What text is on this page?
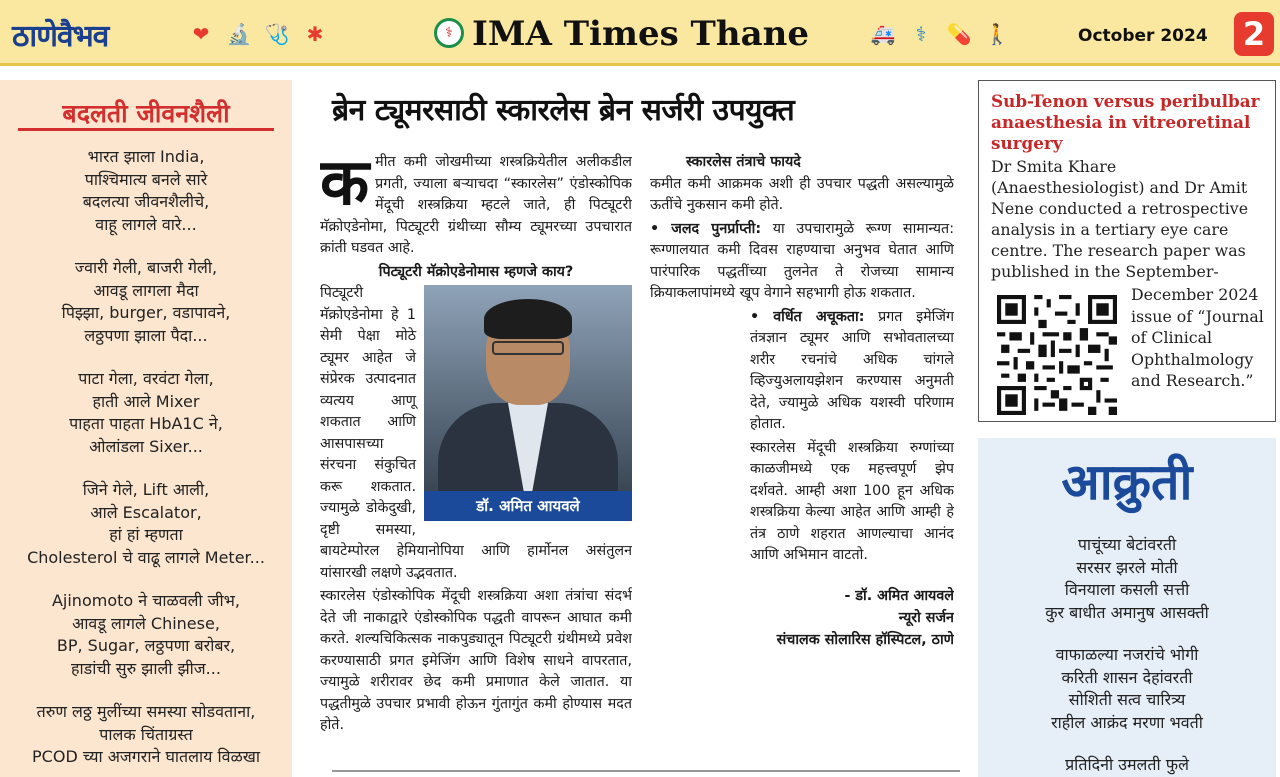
ठाणेवैभव	❤ 🔬 🩺 ✱	⚕ IMA Times Thane	🚑	⚕	💊 🚶	October 2024 2
बदलती जीवनशैली
भारत झाला India,
पाश्चिमात्य बनले सारे
बदलत्या जीवनशैलीचे,
वाहू लागले वारे...
ज्वारी गेली, बाजरी गेली,
आवडू लागला मैदा
पिझ्झा, burger, वडापावने,
लठ्ठपणा झाला पैदा...
पाटा गेला, वरवंटा गेला,
हाती आले Mixer
पाहता पाहता HbA1C ने,
ओलांडला Sixer...
जिने गेले, Lift आली,
आले Escalator,
हां हां म्हणता
Cholesterol चे वाढू लागले Meter...
Ajinomoto ने चाळवली जीभ,
आवडू लागले Chinese,
BP, Sugar, लठ्ठपणा बरोबर,
हाडांची सुरु झाली झीज...
तरुण लठ्ठ मुलींच्या समस्या सोडवताना,
पालक चिंताग्रस्त
PCOD च्या अजगराने घातलाय विळखा
ब्रेन ट्यूमरसाठी स्कारलेस ब्रेन सर्जरी उपयुक्त
क मीत कमी जोखमीच्या शस्त्रक्रियेतील अलीकडील प्रगती, ज्याला बऱ्याचदा “स्कारलेस” एंडोस्कोपिक मेंदूची शस्त्रक्रिया म्हटले जाते, ही पिट्यूटरी मॅक्रोएडेनोमा, पिट्यूटरी ग्रंथीच्या सौम्य ट्यूमरच्या उपचारात क्रांती घडवत आहे.

पिट्यूटरी मॅक्रोएडेनोमास म्हणजे काय?

डॉ. अमित आयवले

पिट्यूटरी मॅक्रोएडेनोमा हे 1 सेमी पेक्षा मोठे ट्यूमर आहेत जे संप्रेरक उत्पादनात व्यत्यय आणू शकतात आणि आसपासच्या संरचना संकुचित करू शकतात. ज्यामुळे डोकेदुखी, दृष्टी समस्या, बायटेम्पोरल हेमियानोपिया आणि हार्मोनल असंतुलन यांसारखी लक्षणे उद्भवतात.

स्कारलेस एंडोस्कोपिक मेंदूची शस्त्रक्रिया अशा तंत्रांचा संदर्भ देते जी नाकाद्वारे एंडोस्कोपिक पद्धती वापरून आघात कमी करते. शल्यचिकित्सक नाकपुड्यातून पिट्यूटरी ग्रंथीमध्ये प्रवेश करण्यासाठी प्रगत इमेजिंग आणि विशेष साधने वापरतात, ज्यामुळे शरीरावर छेद कमी प्रमाणात केले जातात. या पद्धतीमुळे उपचार प्रभावी होऊन गुंतागुंत कमी होण्यास मदत होते.

स्कारलेस तंत्राचे फायदे

कमीत कमी आक्रमक अशी ही उपचार पद्धती असल्यामुळे ऊतींचे नुकसान कमी होते.

• जलद पुनर्प्राप्ती: या उपचारामुळे रूग्ण सामान्यत: रूग्णालयात कमी दिवस राहण्याचा अनुभव घेतात आणि पारंपारिक पद्धतींच्या तुलनेत ते रोजच्या सामान्य क्रियाकलापांमध्ये खूप वेगाने सहभागी होऊ शकतात.

• वर्धित अचूकता: प्रगत इमेजिंग तंत्रज्ञान ट्यूमर आणि सभोवतालच्या शरीर रचनांचे अधिक चांगले व्हिज्युअलायझेशन करण्यास अनुमती देते, ज्यामुळे अधिक यशस्वी परिणाम होतात.

स्कारलेस मेंदूची शस्त्रक्रिया रुग्णांच्या काळजीमध्ये एक महत्त्वपूर्ण झेप दर्शवते. आम्ही अशा 100 हून अधिक शस्त्रक्रिया केल्या आहेत आणि आम्ही हे तंत्र ठाणे शहरात आणल्याचा आनंद आणि अभिमान वाटतो.

- डॉ. अमित आयवले
न्यूरो सर्जन
संचालक सोलारिस हॉस्पिटल, ठाणे
Sub-Tenon versus peribulbar anaesthesia in vitreoretinal surgery
Dr Smita Khare (Anaesthesiologist) and Dr Amit Nene conducted a retrospective analysis in a tertiary eye care centre. The research paper was published in the September-
December 2024 issue of “Journal of Clinical Ophthalmology and Research.”
आक्रुती
पाचूंच्या बेटांवरती
सरसर झरले मोती
विनयाला कसली सत्ती
कुर बाधीत अमानुष आसक्ती
वाफाळल्या नजरांचे भोगी
करिती शासन देहांवरती
सोशिती सत्व चारित्र्य
राहील आक्रंद मरणा भवती
प्रतिदिनी उमलती फुले
